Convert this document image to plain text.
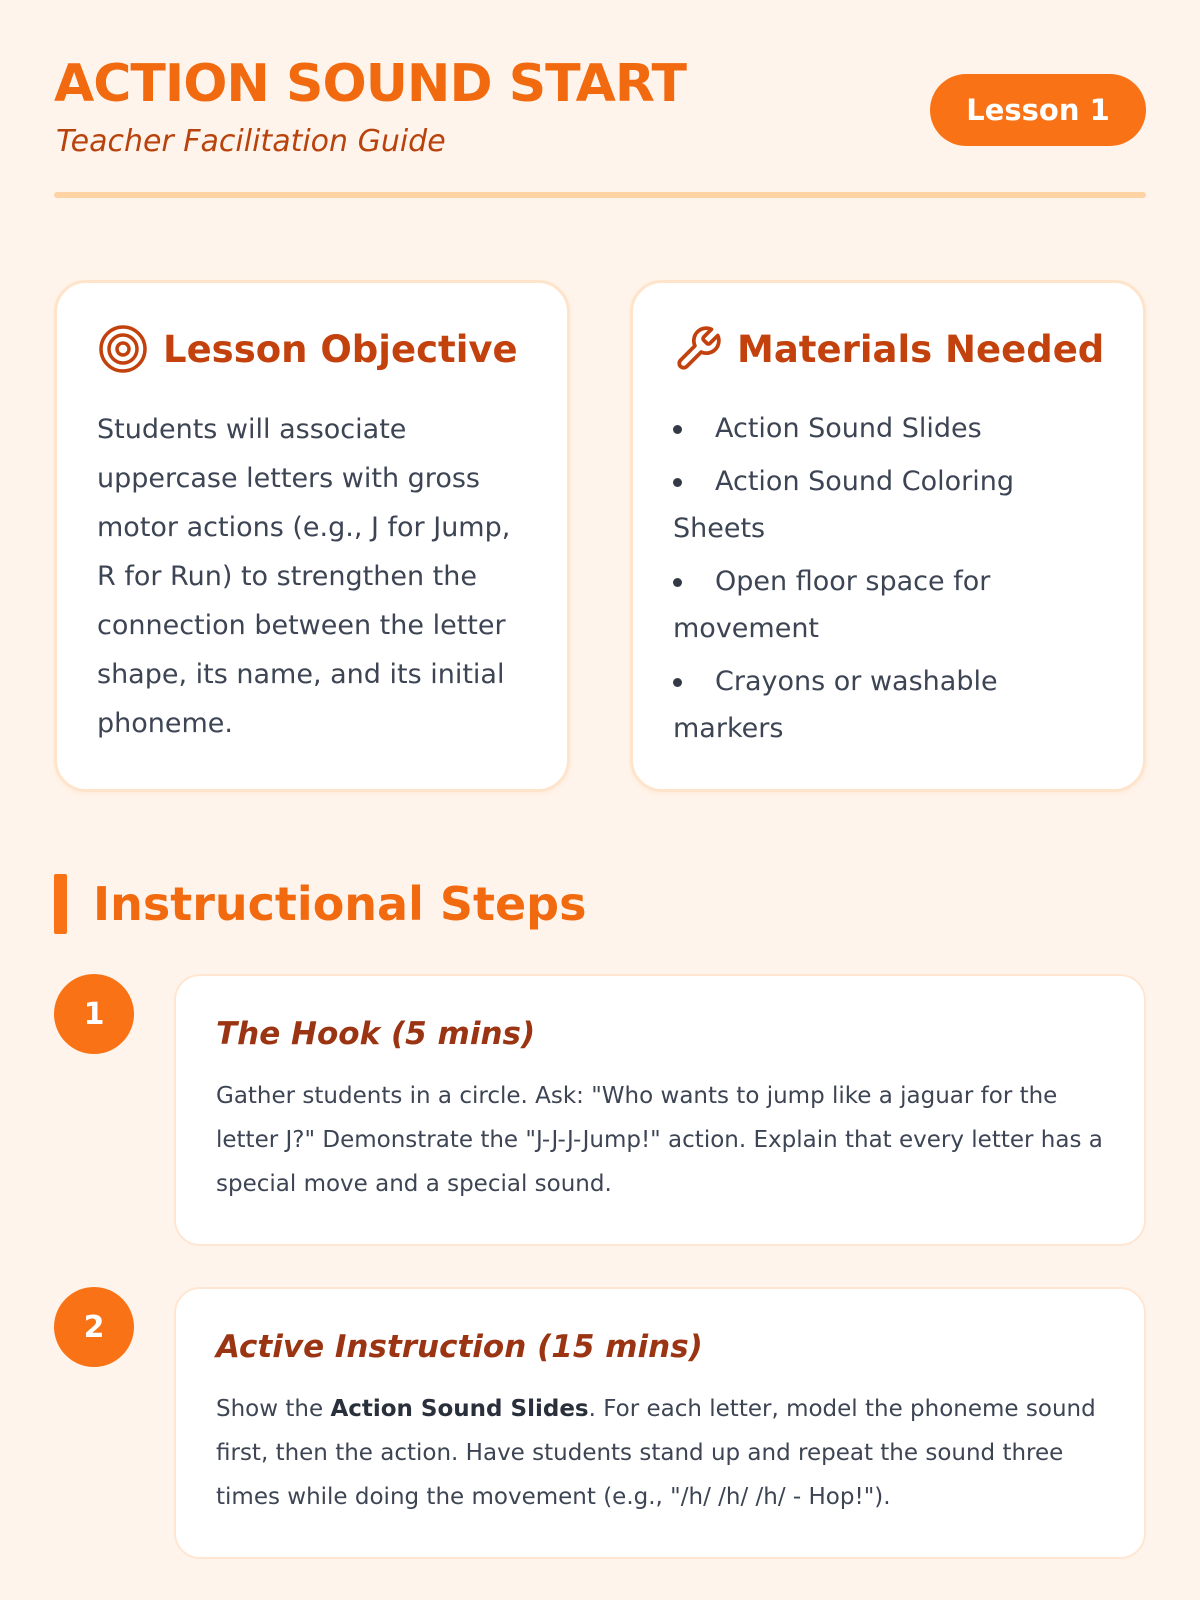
ACTION SOUND START
Teacher Facilitation Guide
Lesson 1
Lesson Objective

Students will associate uppercase letters with gross motor actions (e.g., J for Jump, R for Run) to strengthen the connection between the letter shape, its name, and its initial phoneme.

Materials Needed
Action Sound Slides
Action Sound Coloring Sheets
Open floor space for movement
Crayons or washable markers
Instructional Steps
1
The Hook (5 mins)

Gather students in a circle. Ask: "Who wants to jump like a jaguar for the letter J?" Demonstrate the "J-J-J-Jump!" action. Explain that every letter has a special move and a special sound.

2
Active Instruction (15 mins)

Show the Action Sound Slides. For each letter, model the phoneme sound first, then the action. Have students stand up and repeat the sound three times while doing the movement (e.g., "/h/ /h/ /h/ - Hop!").
